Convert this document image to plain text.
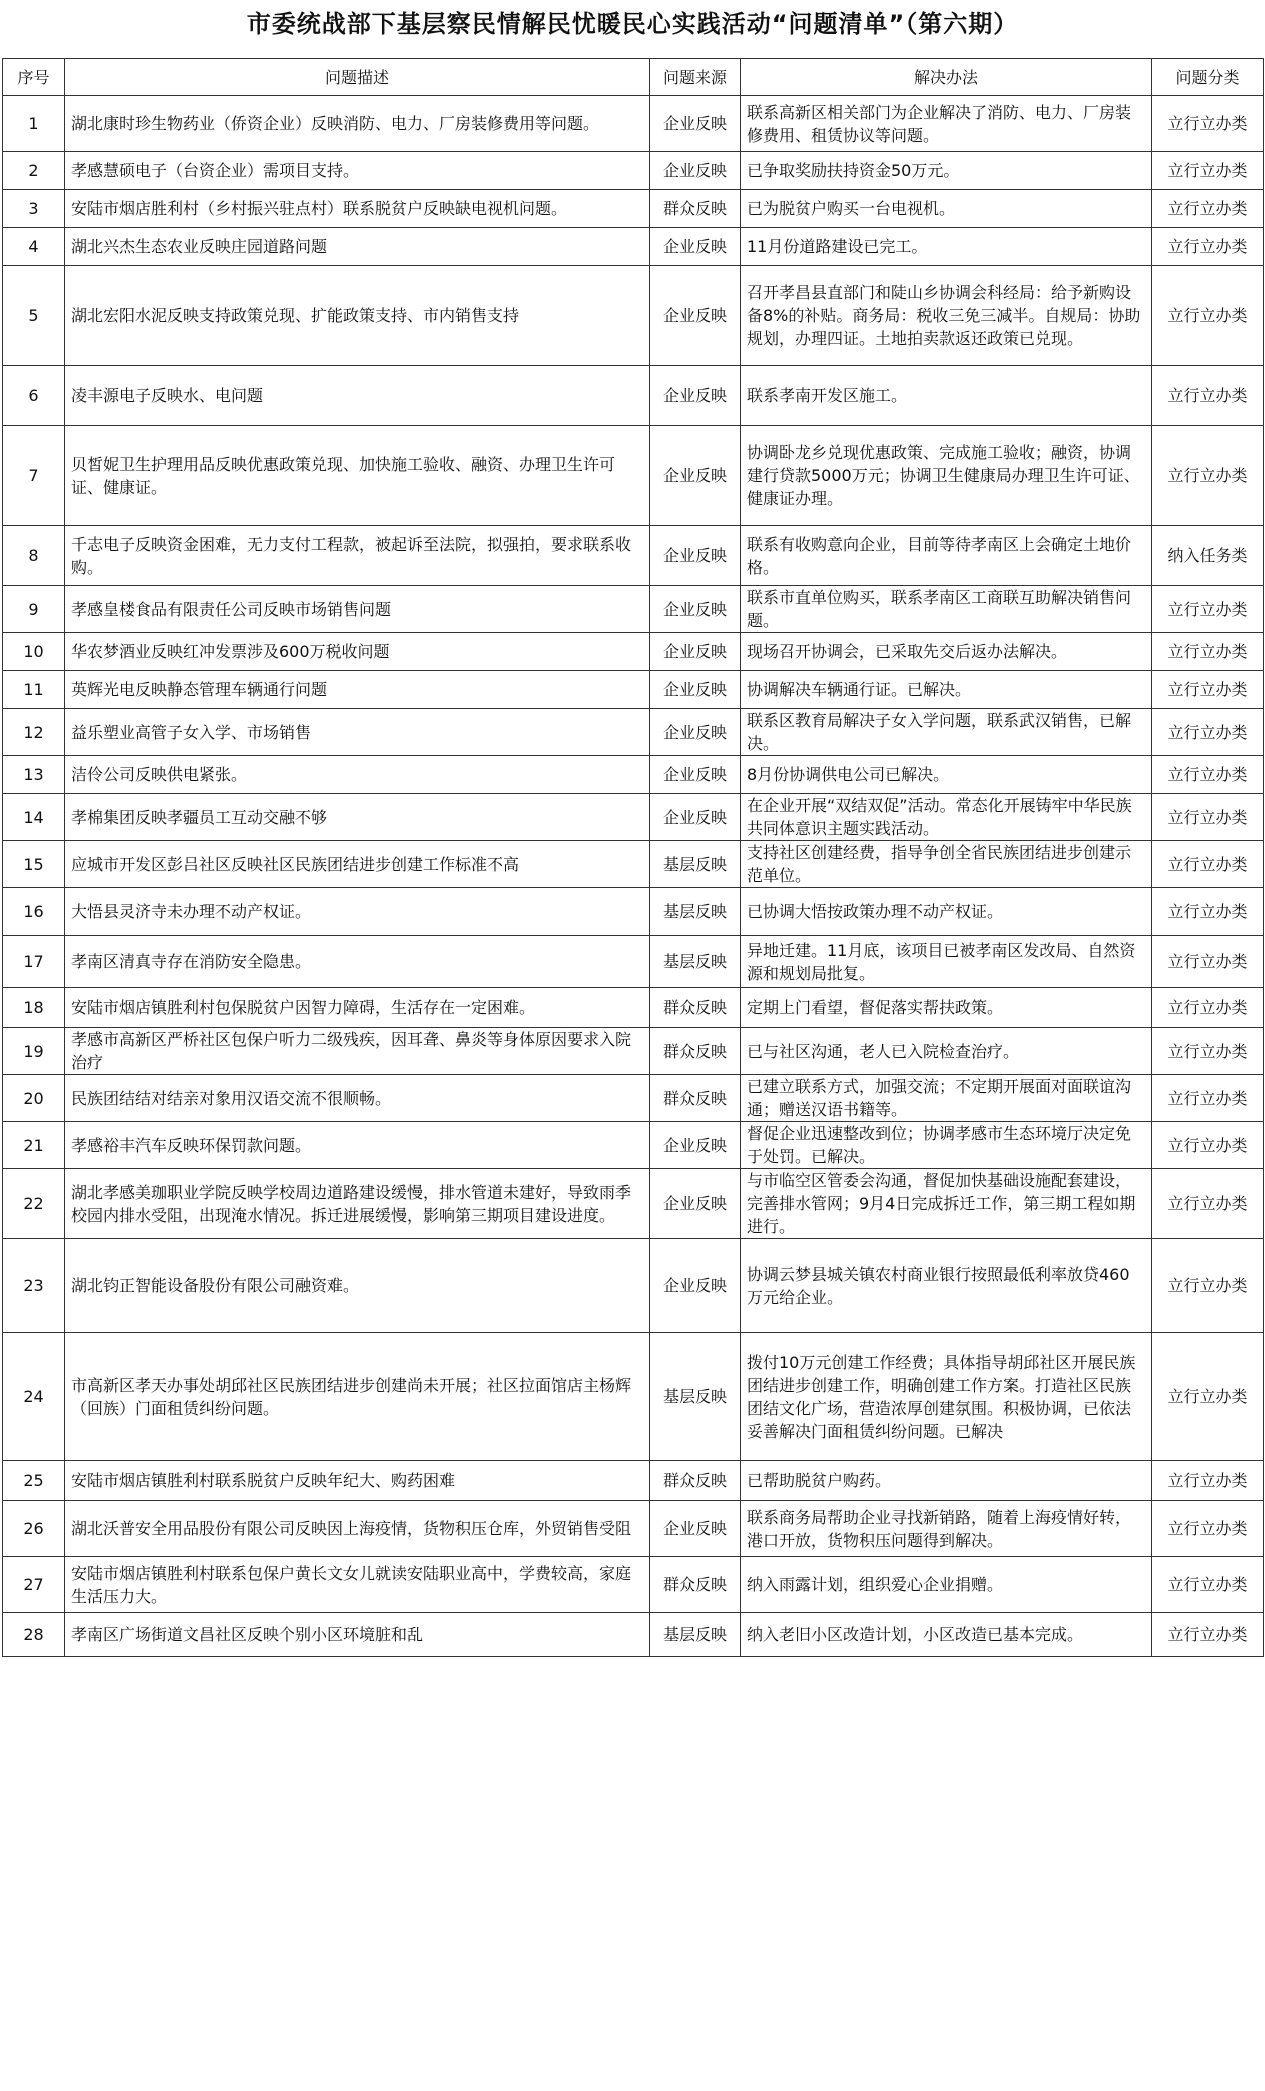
市委统战部下基层察民情解民忧暖民心实践活动“问题清单”（第六期）
序号	问题描述	问题来源	解决办法	问题分类
1	湖北康时珍生物药业（侨资企业）反映消防、电力、厂房装修费用等问题。	企业反映	联系高新区相关部门为企业解决了消防、电力、厂房装修费用、租赁协议等问题。	立行立办类
2	孝感慧硕电子（台资企业）需项目支持。	企业反映	已争取奖励扶持资金50万元。	立行立办类
3	安陆市烟店胜利村（乡村振兴驻点村）联系脱贫户反映缺电视机问题。	群众反映	已为脱贫户购买一台电视机。	立行立办类
4	湖北兴杰生态农业反映庄园道路问题	企业反映	11月份道路建设已完工。	立行立办类
5	湖北宏阳水泥反映支持政策兑现、扩能政策支持、市内销售支持	企业反映	召开孝昌县直部门和陡山乡协调会科经局：给予新购设备8%的补贴。商务局：税收三免三减半。自规局：协助规划，办理四证。土地拍卖款返还政策已兑现。	立行立办类
6	凌丰源电子反映水、电问题	企业反映	联系孝南开发区施工。	立行立办类
7	贝皙妮卫生护理用品反映优惠政策兑现、加快施工验收、融资、办理卫生许可证、健康证。	企业反映	协调卧龙乡兑现优惠政策、完成施工验收；融资，协调建行贷款5000万元；协调卫生健康局办理卫生许可证、健康证办理。	立行立办类
8	千志电子反映资金困难，无力支付工程款，被起诉至法院，拟强拍，要求联系收购。	企业反映	联系有收购意向企业，目前等待孝南区上会确定土地价格。	纳入任务类
9	孝感皇楼食品有限责任公司反映市场销售问题	企业反映	联系市直单位购买，联系孝南区工商联互助解决销售问题。	立行立办类
10	华农梦酒业反映红冲发票涉及600万税收问题	企业反映	现场召开协调会，已采取先交后返办法解决。	立行立办类
11	英辉光电反映静态管理车辆通行问题	企业反映	协调解决车辆通行证。已解决。	立行立办类
12	益乐塑业高管子女入学、市场销售	企业反映	联系区教育局解决子女入学问题，联系武汉销售，已解决。	立行立办类
13	洁伶公司反映供电紧张。	企业反映	8月份协调供电公司已解决。	立行立办类
14	孝棉集团反映孝疆员工互动交融不够	企业反映	在企业开展“双结双促”活动。常态化开展铸牢中华民族共同体意识主题实践活动。	立行立办类
15	应城市开发区彭吕社区反映社区民族团结进步创建工作标准不高	基层反映	支持社区创建经费，指导争创全省民族团结进步创建示范单位。	立行立办类
16	大悟县灵济寺未办理不动产权证。	基层反映	已协调大悟按政策办理不动产权证。	立行立办类
17	孝南区清真寺存在消防安全隐患。	基层反映	异地迁建。11月底，该项目已被孝南区发改局、自然资源和规划局批复。	立行立办类
18	安陆市烟店镇胜利村包保脱贫户因智力障碍，生活存在一定困难。	群众反映	定期上门看望，督促落实帮扶政策。	立行立办类
19	孝感市高新区严桥社区包保户听力二级残疾，因耳聋、鼻炎等身体原因要求入院治疗	群众反映	已与社区沟通，老人已入院检查治疗。	立行立办类
20	民族团结结对结亲对象用汉语交流不很顺畅。	群众反映	已建立联系方式，加强交流；不定期开展面对面联谊沟通；赠送汉语书籍等。	立行立办类
21	孝感裕丰汽车反映环保罚款问题。	企业反映	督促企业迅速整改到位；协调孝感市生态环境厅决定免于处罚。已解决。	立行立办类
22	湖北孝感美珈职业学院反映学校周边道路建设缓慢，排水管道未建好，导致雨季校园内排水受阻，出现淹水情况。拆迁进展缓慢，影响第三期项目建设进度。	企业反映	与市临空区管委会沟通，督促加快基础设施配套建设，完善排水管网；9月4日完成拆迁工作，第三期工程如期进行。	立行立办类
23	湖北钧正智能设备股份有限公司融资难。	企业反映	协调云梦县城关镇农村商业银行按照最低利率放贷460万元给企业。	立行立办类
24	市高新区孝天办事处胡邱社区民族团结进步创建尚未开展；社区拉面馆店主杨辉（回族）门面租赁纠纷问题。	基层反映	拨付10万元创建工作经费；具体指导胡邱社区开展民族团结进步创建工作，明确创建工作方案。打造社区民族团结文化广场，营造浓厚创建氛围。积极协调，已依法妥善解决门面租赁纠纷问题。已解决	立行立办类
25	安陆市烟店镇胜利村联系脱贫户反映年纪大、购药困难	群众反映	已帮助脱贫户购药。	立行立办类
26	湖北沃普安全用品股份有限公司反映因上海疫情，货物积压仓库，外贸销售受阻	企业反映	联系商务局帮助企业寻找新销路，随着上海疫情好转，港口开放，货物积压问题得到解决。	立行立办类
27	安陆市烟店镇胜利村联系包保户黄长文女儿就读安陆职业高中，学费较高，家庭生活压力大。	群众反映	纳入雨露计划，组织爱心企业捐赠。	立行立办类
28	孝南区广场街道文昌社区反映个别小区环境脏和乱	基层反映	纳入老旧小区改造计划，小区改造已基本完成。	立行立办类
